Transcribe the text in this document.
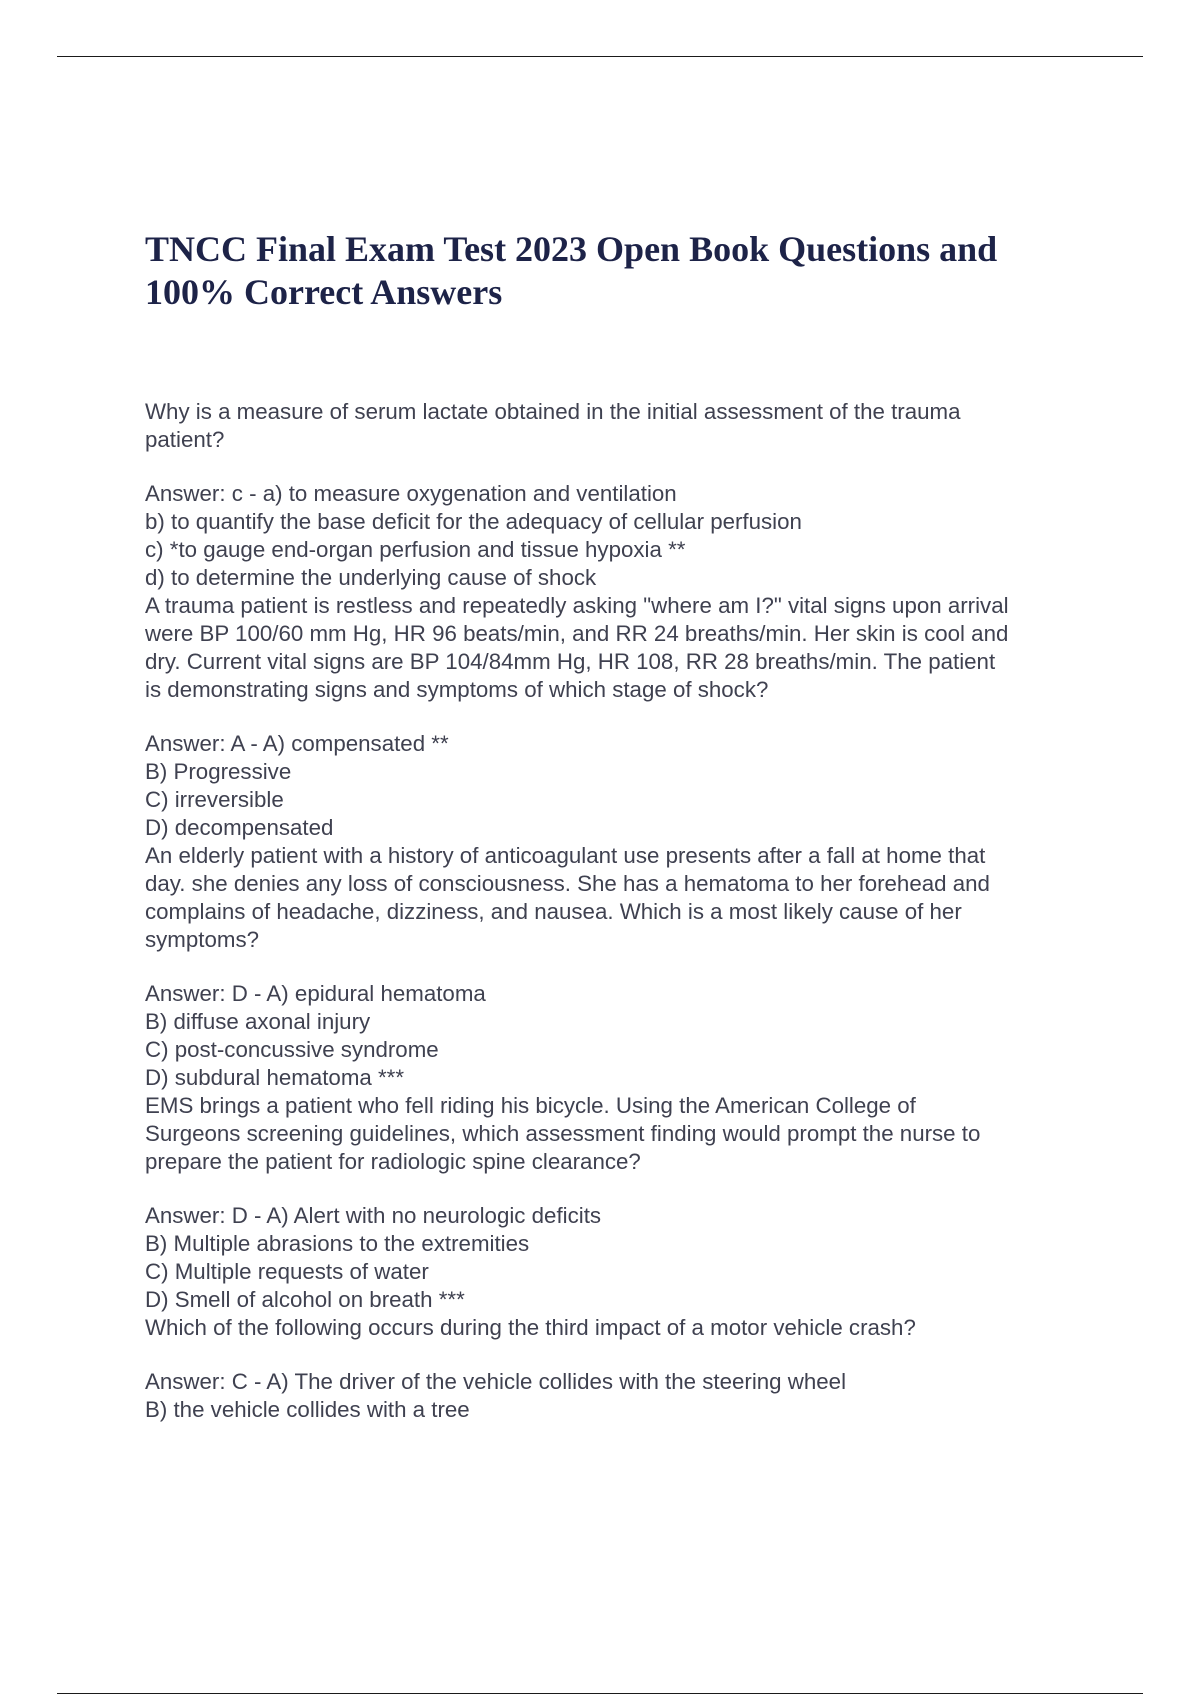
TNCC Final Exam Test 2023 Open Book Questions and
100% Correct Answers
Why is a measure of serum lactate obtained in the initial assessment of the trauma
patient?
Answer: c - a) to measure oxygenation and ventilation
b) to quantify the base deficit for the adequacy of cellular perfusion
c) *to gauge end-organ perfusion and tissue hypoxia **
d) to determine the underlying cause of shock
A trauma patient is restless and repeatedly asking "where am I?" vital signs upon arrival
were BP 100/60 mm Hg, HR 96 beats/min, and RR 24 breaths/min. Her skin is cool and
dry. Current vital signs are BP 104/84mm Hg, HR 108, RR 28 breaths/min. The patient
is demonstrating signs and symptoms of which stage of shock?
Answer: A - A) compensated **
B) Progressive
C) irreversible
D) decompensated
An elderly patient with a history of anticoagulant use presents after a fall at home that
day. she denies any loss of consciousness. She has a hematoma to her forehead and
complains of headache, dizziness, and nausea. Which is a most likely cause of her
symptoms?
Answer: D - A) epidural hematoma
B) diffuse axonal injury
C) post-concussive syndrome
D) subdural hematoma ***
EMS brings a patient who fell riding his bicycle. Using the American College of
Surgeons screening guidelines, which assessment finding would prompt the nurse to
prepare the patient for radiologic spine clearance?
Answer: D - A) Alert with no neurologic deficits
B) Multiple abrasions to the extremities
C) Multiple requests of water
D) Smell of alcohol on breath ***
Which of the following occurs during the third impact of a motor vehicle crash?
Answer: C - A) The driver of the vehicle collides with the steering wheel
B) the vehicle collides with a tree
